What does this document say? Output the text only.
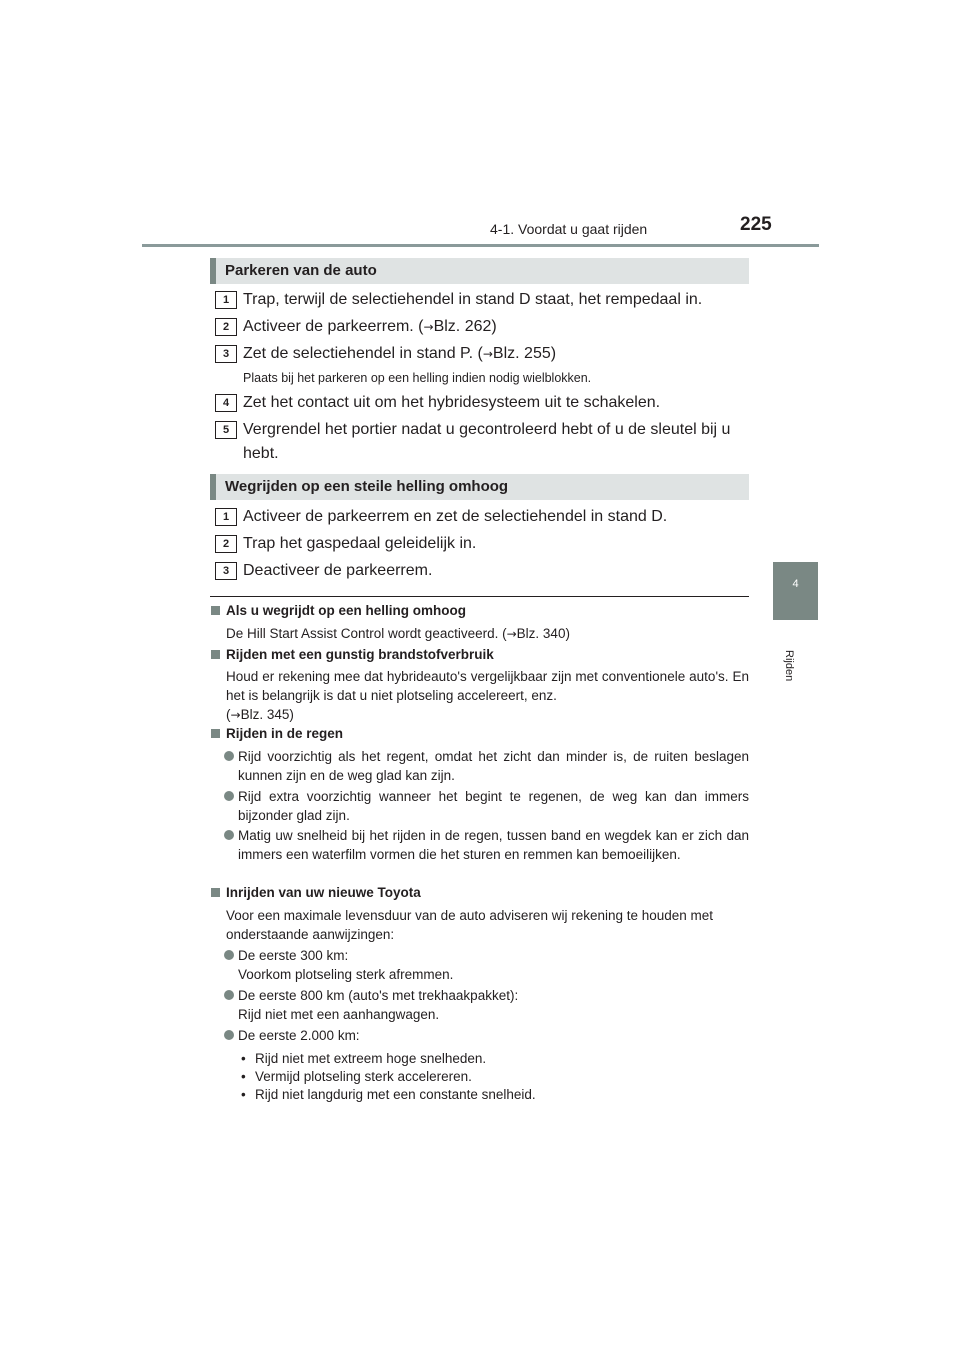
4-1. Voordat u gaat rijden	225
4
Rijden
Parkeren van de auto
1 Trap, terwijl de selectiehendel in stand D staat, het rempedaal in.
2 Activeer de parkeerrem. (→Blz. 262)
3 Zet de selectiehendel in stand P. (→Blz. 255)
Plaats bij het parkeren op een helling indien nodig wielblokken.
4 Zet het contact uit om het hybridesysteem uit te schakelen.
5 Vergrendel het portier nadat u gecontroleerd hebt of u de sleutel bij u hebt.
Wegrijden op een steile helling omhoog
1 Activeer de parkeerrem en zet de selectiehendel in stand D.
2 Trap het gaspedaal geleidelijk in.
3 Deactiveer de parkeerrem.
Als u wegrijdt op een helling omhoog
De Hill Start Assist Control wordt geactiveerd. (→Blz. 340)
Rijden met een gunstig brandstofverbruik
Houd er rekening mee dat hybrideauto's vergelijkbaar zijn met conventionele auto's. En het is belangrijk is dat u niet plotseling accelereert, enz.
(→Blz. 345)
Rijden in de regen
Rijd voorzichtig als het regent, omdat het zicht dan minder is, de ruiten beslagen kunnen zijn en de weg glad kan zijn.
Rijd extra voorzichtig wanneer het begint te regenen, de weg kan dan immers bijzonder glad zijn.
Matig uw snelheid bij het rijden in de regen, tussen band en wegdek kan er zich dan immers een waterfilm vormen die het sturen en remmen kan bemoeilijken.
Inrijden van uw nieuwe Toyota
Voor een maximale levensduur van de auto adviseren wij rekening te houden met onderstaande aanwijzingen:
De eerste 300 km:
Voorkom plotseling sterk afremmen.
De eerste 800 km (auto's met trekhaakpakket):
Rijd niet met een aanhangwagen.
De eerste 2.000 km:
• Rijd niet met extreem hoge snelheden.
• Vermijd plotseling sterk accelereren.
• Rijd niet langdurig met een constante snelheid.
